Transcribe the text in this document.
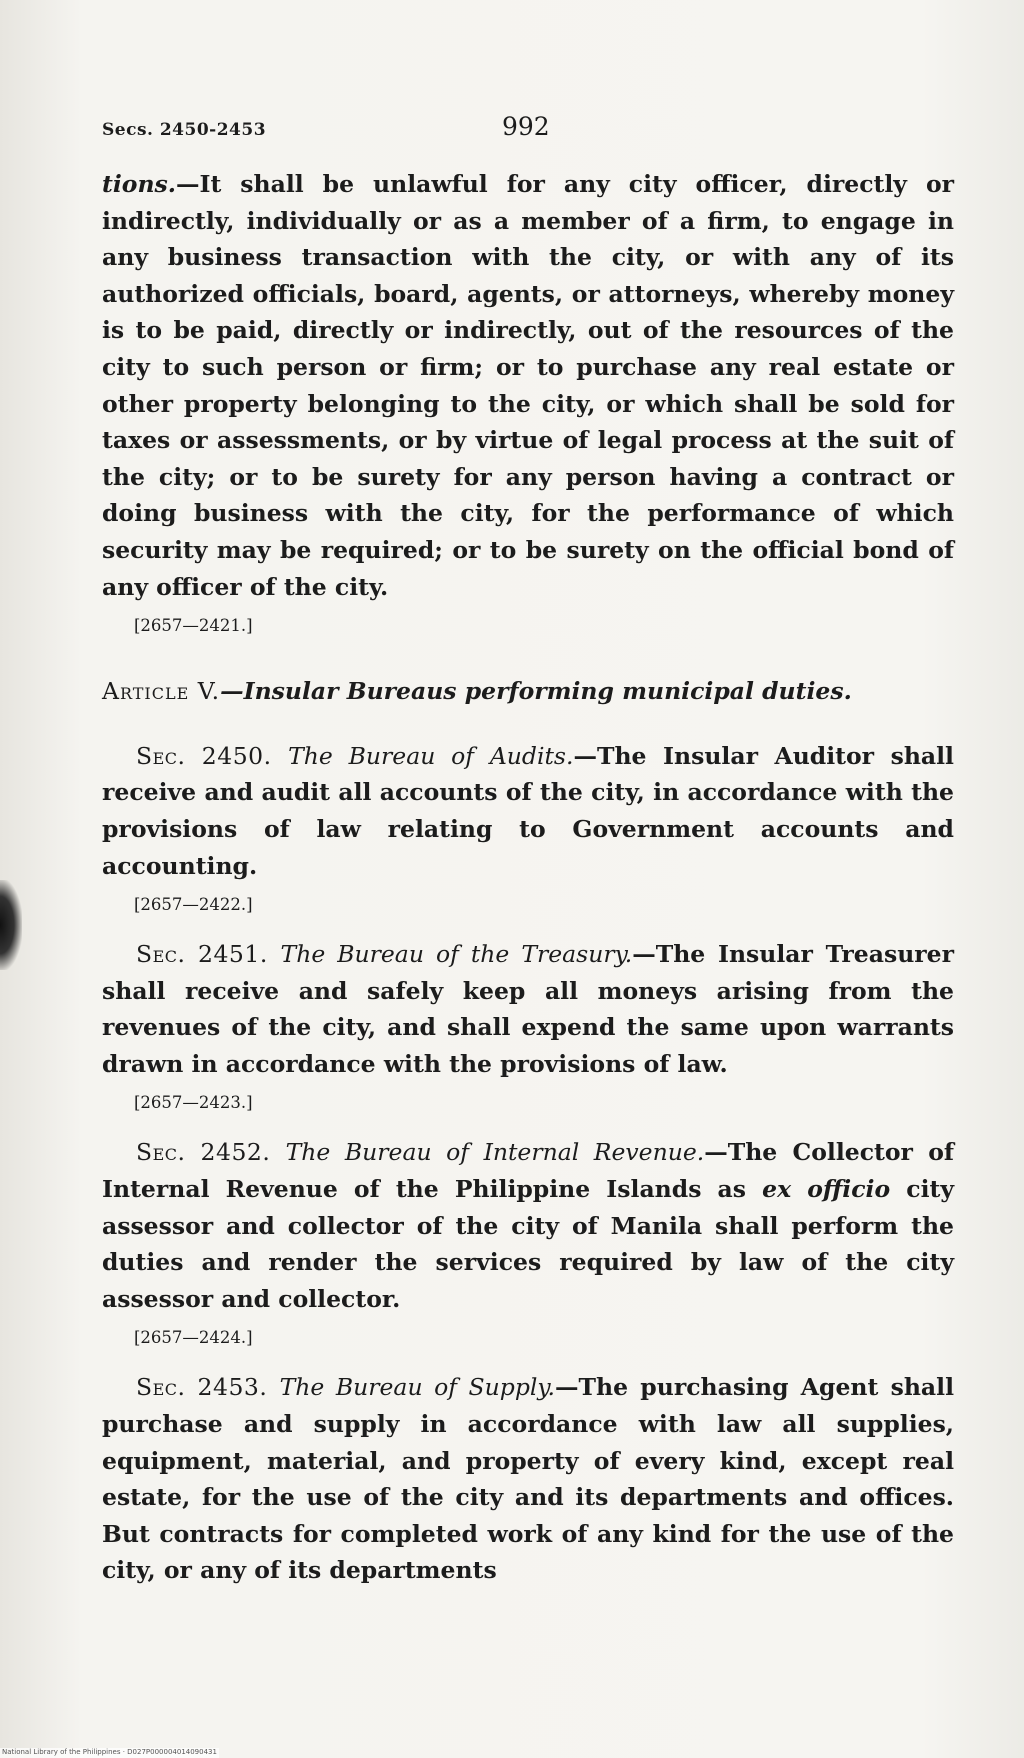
Secs. 2450-2453	992

tions.—It shall be unlawful for any city officer, directly or indirectly, individually or as a member of a firm, to engage in any business transaction with the city, or with any of its authorized officials, board, agents, or attorneys, whereby money is to be paid, directly or indirectly, out of the resources of the city to such person or firm; or to purchase any real estate or other property belonging to the city, or which shall be sold for taxes or assessments, or by virtue of legal process at the suit of the city; or to be surety for any person having a contract or doing business with the city, for the performance of which security may be required; or to be surety on the official bond of any officer of the city.

[2657—2421.]

Article V.—Insular Bureaus performing municipal duties.

Sec. 2450. The Bureau of Audits.—The Insular Auditor shall receive and audit all accounts of the city, in accordance with the provisions of law relating to Government accounts and accounting.

[2657—2422.]

Sec. 2451. The Bureau of the Treasury.—The Insular Treasurer shall receive and safely keep all moneys arising from the revenues of the city, and shall expend the same upon warrants drawn in accordance with the provisions of law.

[2657—2423.]

Sec. 2452. The Bureau of Internal Revenue.—The Collector of Internal Revenue of the Philippine Islands as ex officio city assessor and collector of the city of Manila shall perform the duties and render the services required by law of the city assessor and collector.

[2657—2424.]

Sec. 2453. The Bureau of Supply.—The purchasing Agent shall purchase and supply in accordance with law all supplies, equipment, material, and property of every kind, except real estate, for the use of the city and its departments and offices. But contracts for completed work of any kind for the use of the city, or any of its departments

National Library of the Philippines · D027P000004014090431
